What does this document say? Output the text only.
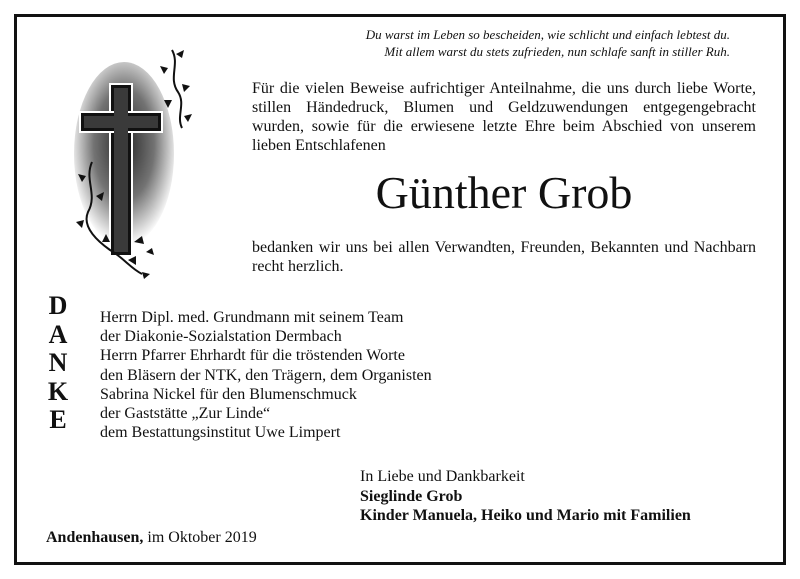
Du warst im Leben so bescheiden, wie schlicht und einfach lebtest du.
Mit allem warst du stets zufrieden, nun schlafe sanft in stiller Ruh.
Für die vielen Beweise aufrichtiger Anteilnahme, die uns durch liebe Worte, stillen Händedruck, Blumen und Geldzuwendungen entgegengebracht wurden, sowie für die erwiesene letzte Ehre beim Abschied von unserem lieben Entschlafenen
Günther Grob
bedanken wir uns bei allen Verwandten, Freunden, Bekannten und Nachbarn recht herzlich.
D
A
N
K
E
Herrn Dipl. med. Grundmann mit seinem Team
der Diakonie-Sozialstation Dermbach
Herrn Pfarrer Ehrhardt für die tröstenden Worte
den Bläsern der NTK, den Trägern, dem Organisten
Sabrina Nickel für den Blumenschmuck
der Gaststätte „Zur Linde“
dem Bestattungsinstitut Uwe Limpert
In Liebe und Dankbarkeit
Sieglinde Grob
Kinder Manuela, Heiko und Mario mit Familien
Andenhausen, im Oktober 2019
